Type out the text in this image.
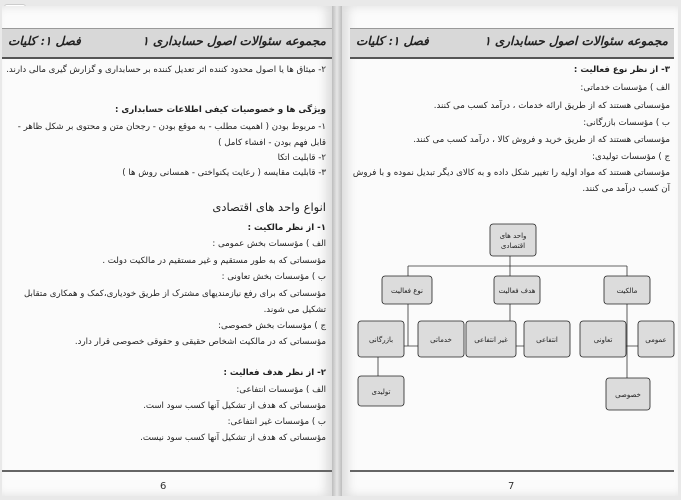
مجموعه سئوالات اصول حسابداری ۱
فصل ۱: کلیات
۲- میثاق ها یا اصول محدود کننده اثر تعدیل کننده بر حسابداری و گزارش گیری مالی دارند.
ویژگی ها و خصوصیات کیفی اطلاعات حسابداری :
۱- مربوط بودن ( اهمیت مطلب - به موقع بودن - رجحان متن و محتوی بر شکل ظاهر -
قابل فهم بودن - افشاء کامل )
۲- قابلیت اتکا
۳- قابلیت مقایسه ( رعایت یکنواختی - همسانی روش ها )
انواع واحد های اقتصادی
۱- از نظر مالکیت :
الف ) مؤسسات بخش عمومی :
مؤسساتی که به طور مستقیم و غیر مستقیم در مالکیت دولت .
ب ) مؤسسات بخش تعاونی :
مؤسساتی که برای رفع نیازمندیهای مشترک از طریق خودیاری،کمک و همکاری متقابل
تشکیل می شوند.
ج ) مؤسسات بخش خصوصی:
مؤسساتی که در مالکیت اشخاص حقیقی و حقوقی خصوصی قرار دارد.
۲- از نظر هدف فعالیت :
الف ) مؤسسات انتفاعی:
مؤسساتی که هدف از تشکیل آنها کسب سود است.
ب ) مؤسسات غیر انتفاعی:
مؤسساتی که هدف از تشکیل آنها کسب سود نیست.
6
مجموعه سئوالات اصول حسابداری ۱
فصل ۱: کلیات
۳- از نظر نوع فعالیت :
الف ) مؤسسات خدماتی:
مؤسساتی هستند که از طریق ارائه خدمات ، درآمد کسب می کنند.
ب ) مؤسسات بازرگانی:
مؤسساتی هستند که از طریق خرید و فروش کالا ، درآمد کسب می کنند.
ج ) مؤسسات تولیدی:
مؤسساتی هستند که مواد اولیه را تغییر شکل داده و به کالای دیگر تبدیل نموده و با فروش
آن کسب درآمد می کنند.
واحد های اقتصادی
نوع فعالیت	هدف فعالیت	مالکیت
بازرگانی	خدماتی
تولیدی
غیر انتفاعی	انتفاعی	تعاونی	عمومی
خصوصی
7
